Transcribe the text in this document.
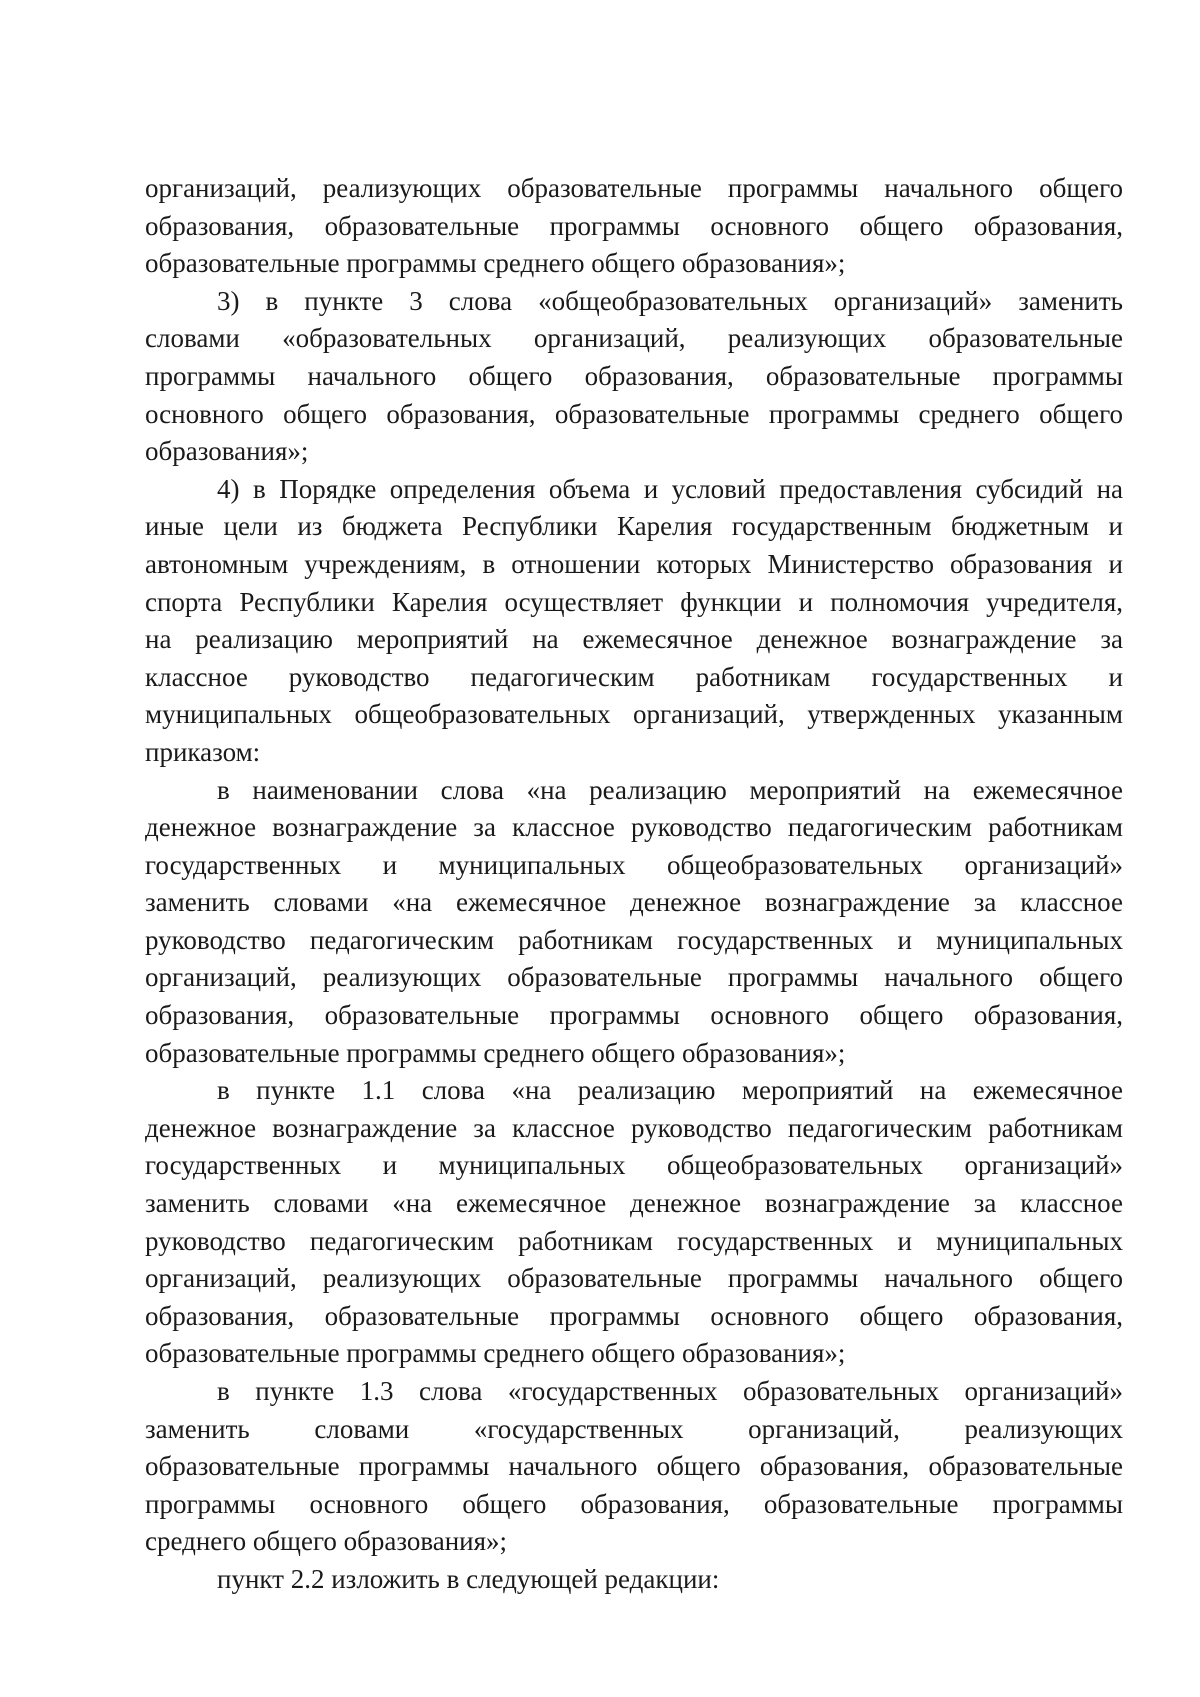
организаций, реализующих образовательные программы начального общего
образования, образовательные программы основного общего образования,
образовательные программы среднего общего образования»;
3) в пункте 3 слова «общеобразовательных организаций» заменить
словами «образовательных организаций, реализующих образовательные
программы начального общего образования, образовательные программы
основного общего образования, образовательные программы среднего общего
образования»;
4) в Порядке определения объема и условий предоставления субсидий на
иные цели из бюджета Республики Карелия государственным бюджетным и
автономным учреждениям, в отношении которых Министерство образования и
спорта Республики Карелия осуществляет функции и полномочия учредителя,
на реализацию мероприятий на ежемесячное денежное вознаграждение за
классное руководство педагогическим работникам государственных и
муниципальных общеобразовательных организаций, утвержденных указанным
приказом:
в наименовании слова «на реализацию мероприятий на ежемесячное
денежное вознаграждение за классное руководство педагогическим работникам
государственных и муниципальных общеобразовательных организаций»
заменить словами «на ежемесячное денежное вознаграждение за классное
руководство педагогическим работникам государственных и муниципальных
организаций, реализующих образовательные программы начального общего
образования, образовательные программы основного общего образования,
образовательные программы среднего общего образования»;
в пункте 1.1 слова «на реализацию мероприятий на ежемесячное
денежное вознаграждение за классное руководство педагогическим работникам
государственных и муниципальных общеобразовательных организаций»
заменить словами «на ежемесячное денежное вознаграждение за классное
руководство педагогическим работникам государственных и муниципальных
организаций, реализующих образовательные программы начального общего
образования, образовательные программы основного общего образования,
образовательные программы среднего общего образования»;
в пункте 1.3 слова «государственных образовательных организаций»
заменить словами «государственных организаций, реализующих
образовательные программы начального общего образования, образовательные
программы основного общего образования, образовательные программы
среднего общего образования»;
пункт 2.2 изложить в следующей редакции:
